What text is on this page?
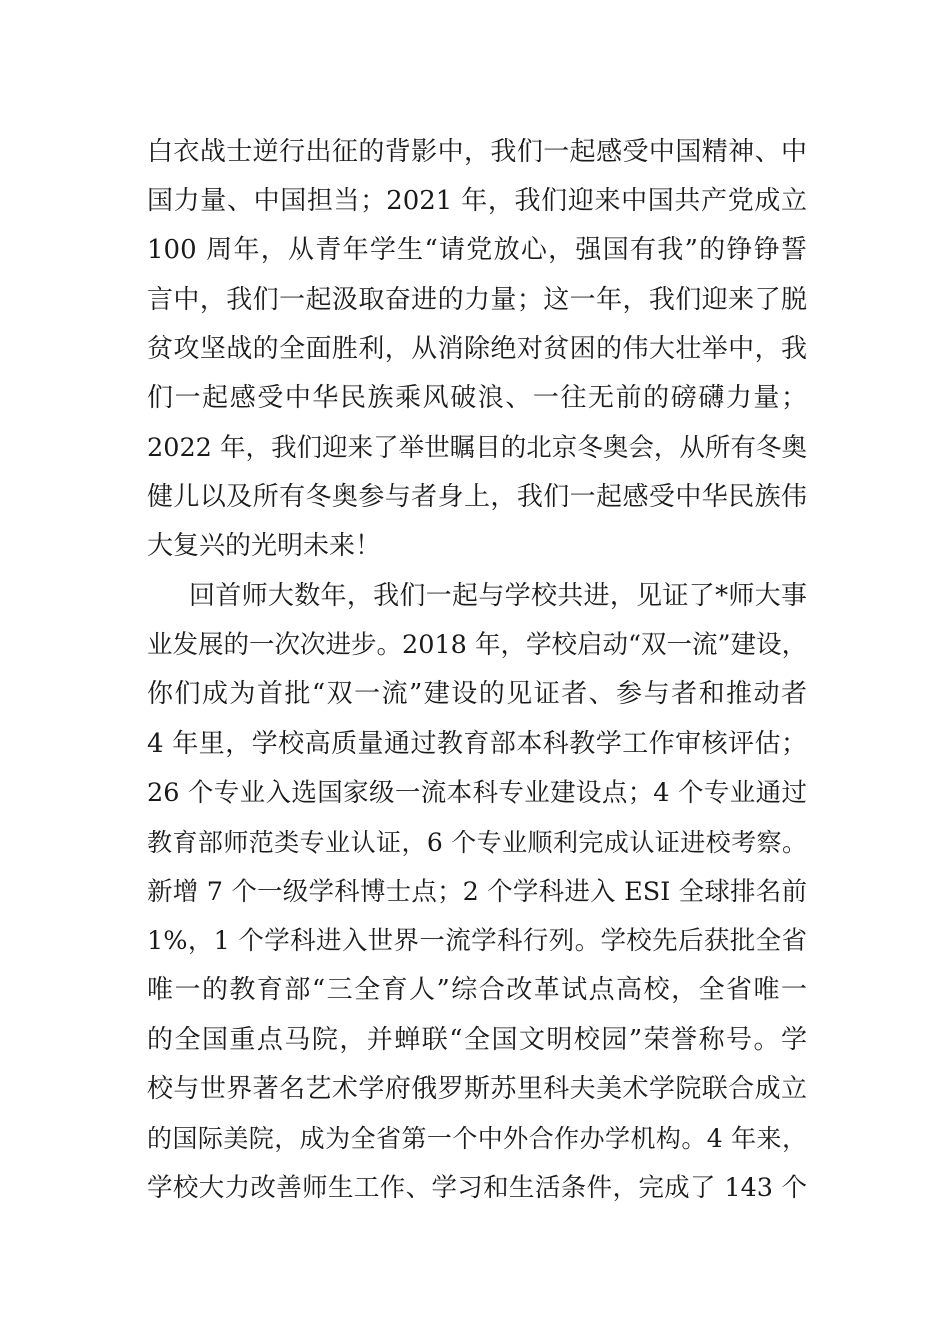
白衣战士逆行出征的背影中，我们一起感受中国精神、中
国力量、中国担当；2021 年，我们迎来中国共产党成立
100 周年，从青年学生“请党放心，强国有我”的铮铮誓
言中，我们一起汲取奋进的力量；这一年，我们迎来了脱
贫攻坚战的全面胜利，从消除绝对贫困的伟大壮举中，我
们一起感受中华民族乘风破浪、一往无前的磅礴力量；
2022 年，我们迎来了举世瞩目的北京冬奥会，从所有冬奥
健儿以及所有冬奥参与者身上，我们一起感受中华民族伟
大复兴的光明未来！
回首师大数年，我们一起与学校共进，见证了*师大事
业发展的一次次进步。2018 年，学校启动“双一流”建设，
你们成为首批“双一流”建设的见证者、参与者和推动者
4 年里，学校高质量通过教育部本科教学工作审核评估；
26 个专业入选国家级一流本科专业建设点；4 个专业通过
教育部师范类专业认证，6 个专业顺利完成认证进校考察。
新增 7 个一级学科博士点；2 个学科进入 ESI 全球排名前
1%，1 个学科进入世界一流学科行列。学校先后获批全省
唯一的教育部“三全育人”综合改革试点高校，全省唯一
的全国重点马院，并蝉联“全国文明校园”荣誉称号。学
校与世界著名艺术学府俄罗斯苏里科夫美术学院联合成立
的国际美院，成为全省第一个中外合作办学机构。4 年来，
学校大力改善师生工作、学习和生活条件，完成了 143 个
